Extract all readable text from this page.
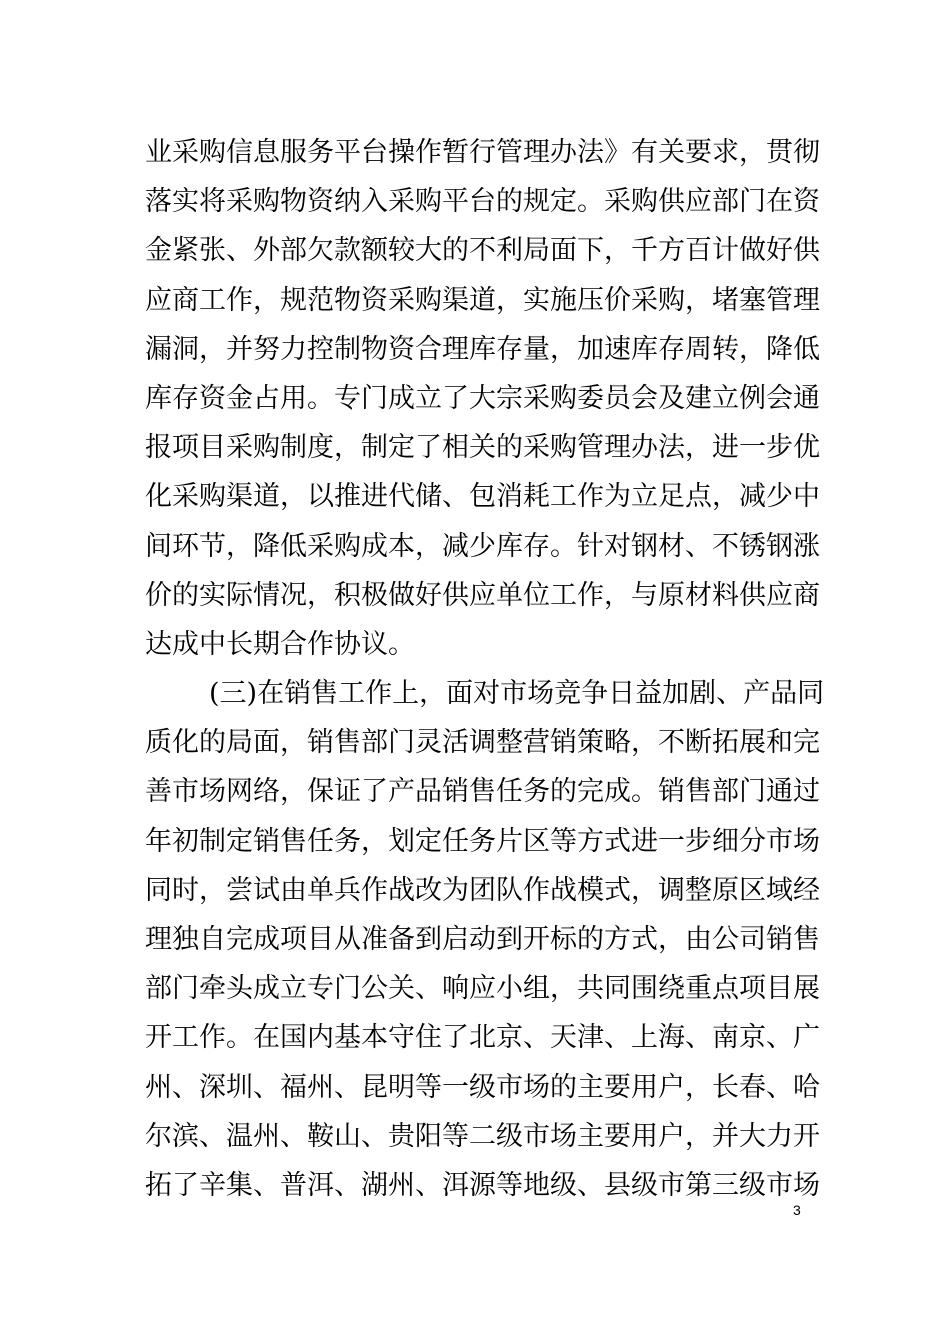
业采购信息服务平台操作暂行管理办法》有关要求，贯彻
落实将采购物资纳入采购平台的规定。采购供应部门在资
金紧张、外部欠款额较大的不利局面下，千方百计做好供
应商工作，规范物资采购渠道，实施压价采购，堵塞管理
漏洞，并努力控制物资合理库存量，加速库存周转，降低
库存资金占用。专门成立了大宗采购委员会及建立例会通
报项目采购制度，制定了相关的采购管理办法，进一步优
化采购渠道，以推进代储、包消耗工作为立足点，减少中
间环节，降低采购成本，减少库存。针对钢材、不锈钢涨
价的实际情况，积极做好供应单位工作，与原材料供应商
达成中长期合作协议。
(三)在销售工作上，面对市场竞争日益加剧、产品同
质化的局面，销售部门灵活调整营销策略，不断拓展和完
善市场网络，保证了产品销售任务的完成。销售部门通过
年初制定销售任务，划定任务片区等方式进一步细分市场
同时，尝试由单兵作战改为团队作战模式，调整原区域经
理独自完成项目从准备到启动到开标的方式，由公司销售
部门牵头成立专门公关、响应小组，共同围绕重点项目展
开工作。在国内基本守住了北京、天津、上海、南京、广
州、深圳、福州、昆明等一级市场的主要用户，长春、哈
尔滨、温州、鞍山、贵阳等二级市场主要用户，并大力开
拓了辛集、普洱、湖州、洱源等地级、县级市第三级市场
3
